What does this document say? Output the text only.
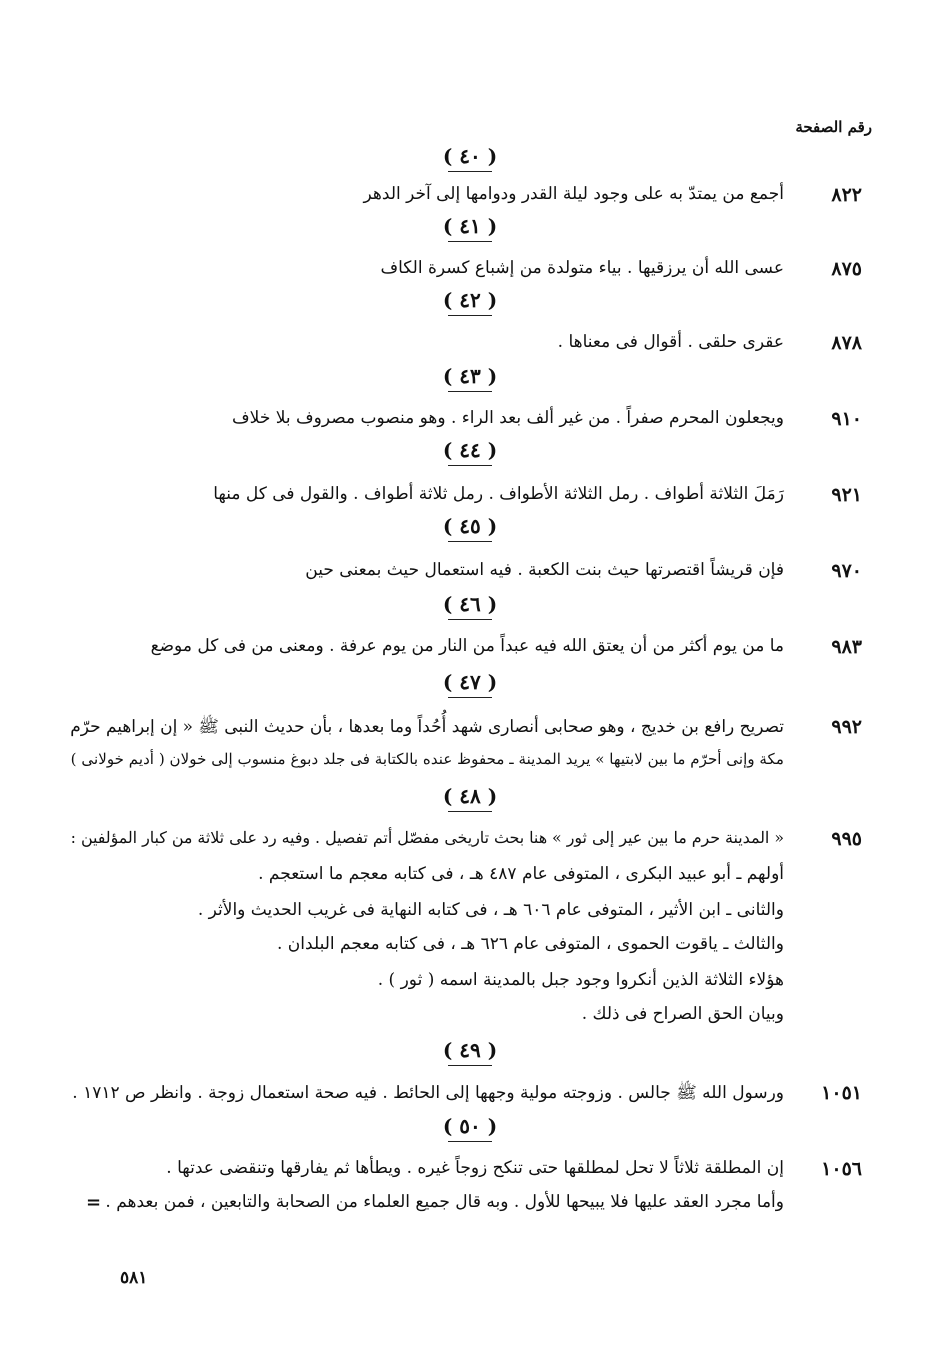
رقم الصفحة
( ٤٠ )
٨٢٢
أجمع من يمتدّ به على وجود ليلة القدر ودوامها إلى آخر الدهر
( ٤١ )
٨٧٥
عسى الله أن يرزقيها . بياء متولدة من إشباع كسرة الكاف
( ٤٢ )
٨٧٨
عقرى حلقى . أقوال فى معناها .
( ٤٣ )
٩١٠
ويجعلون المحرم صفراً . من غير ألف بعد الراء . وهو منصوب مصروف بلا خلاف
( ٤٤ )
٩٢١
رَمَلَ الثلاثة أطواف . رمل الثلاثة الأطواف . رمل ثلاثة أطواف . والقول فى كل منها
( ٤٥ )
٩٧٠
فإن قريشاً اقتصرتها حيث بنت الكعبة . فيه استعمال حيث بمعنى حين
( ٤٦ )
٩٨٣
ما من يوم أكثر من أن يعتق الله فيه عبداً من النار من يوم عرفة . ومعنى من فى كل موضع
( ٤٧ )
٩٩٢
تصريح رافع بن خديج ، وهو صحابى أنصارى شهد أُحُداً وما بعدها ، بأن حديث النبى ﷺ « إن إبراهيم حرّم
مكة وإنى أحرّم ما بين لابتيها » يريد المدينة ـ محفوظ عنده بالكتابة فى جلد دبوغ منسوب إلى خولان ( أديم خولانى )
( ٤٨ )
٩٩٥
« المدينة حرم ما بين عير إلى ثور » هنا بحث تاريخى مفصّل أتم تفصيل . وفيه رد على ثلاثة من كبار المؤلفين :
أولهم ـ أبو عبيد البكرى ، المتوفى عام ٤٨٧ هـ ، فى كتابه معجم ما استعجم .
والثانى ـ ابن الأثير ، المتوفى عام ٦٠٦ هـ ، فى كتابه النهاية فى غريب الحديث والأثر .
والثالث ـ ياقوت الحموى ، المتوفى عام ٦٢٦ هـ ، فى كتابه معجم البلدان .
هؤلاء الثلاثة الذين أنكروا وجود جبل بالمدينة اسمه ( ثور ) .
وبيان الحق الصراح فى ذلك .
( ٤٩ )
١٠٥١
ورسول الله ﷺ جالس . وزوجته مولية وجهها إلى الحائط . فيه صحة استعمال زوجة . وانظر ص ١٧١٢ .
( ٥٠ )
١٠٥٦
إن المطلقة ثلاثاً لا تحل لمطلقها حتى تنكح زوجاً غيره . ويطأها ثم يفارقها وتنقضى عدتها .
وأما مجرد العقد عليها فلا يبيحها للأول . وبه قال جميع العلماء من الصحابة والتابعين ، فمن بعدهم .
=
٥٨١
